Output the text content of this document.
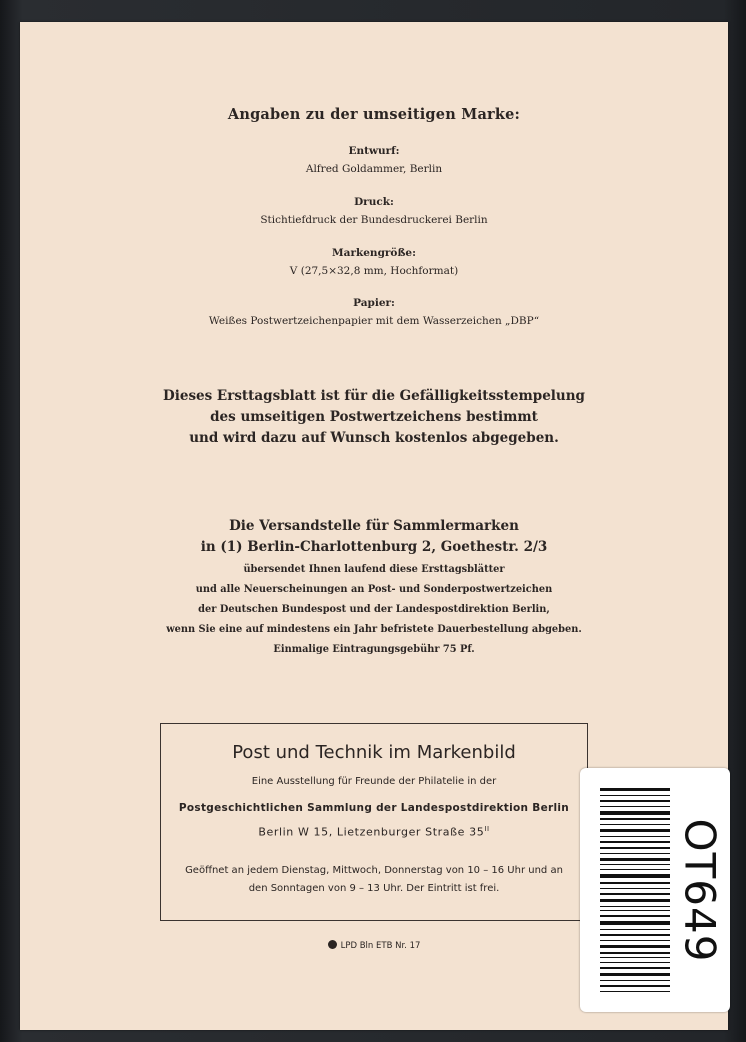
Angaben zu der umseitigen Marke:
Entwurf:
Alfred Goldammer, Berlin
Druck:
Stichtiefdruck der Bundesdruckerei Berlin
Markengröße:
V (27,5×32,8 mm, Hochformat)
Papier:
Weißes Postwertzeichenpapier mit dem Wasserzeichen „DBP“
Dieses Ersttagsblatt ist für die Gefälligkeitsstempelung
des umseitigen Postwertzeichens bestimmt
und wird dazu auf Wunsch kostenlos abgegeben.
Die Versandstelle für Sammlermarken
in (1) Berlin-Charlottenburg 2, Goethestr. 2/3
übersendet Ihnen laufend diese Ersttagsblätter
und alle Neuerscheinungen an Post- und Sonderpostwertzeichen
der Deutschen Bundespost und der Landespostdirektion Berlin,
wenn Sie eine auf mindestens ein Jahr befristete Dauerbestellung abgeben.
Einmalige Eintragungsgebühr 75 Pf.
Post und Technik im Markenbild
Eine Ausstellung für Freunde der Philatelie in der
Postgeschichtlichen Sammlung der Landespostdirektion Berlin
Berlin W 15, Lietzenburger Straße $35^{II}$
Geöffnet an jedem Dienstag, Mittwoch, Donnerstag von 10 – 16 Uhr und an
den Sonntagen von 9 – 13 Uhr. Der Eintritt ist frei.
LPD Bln ETB Nr. 17	OT649
